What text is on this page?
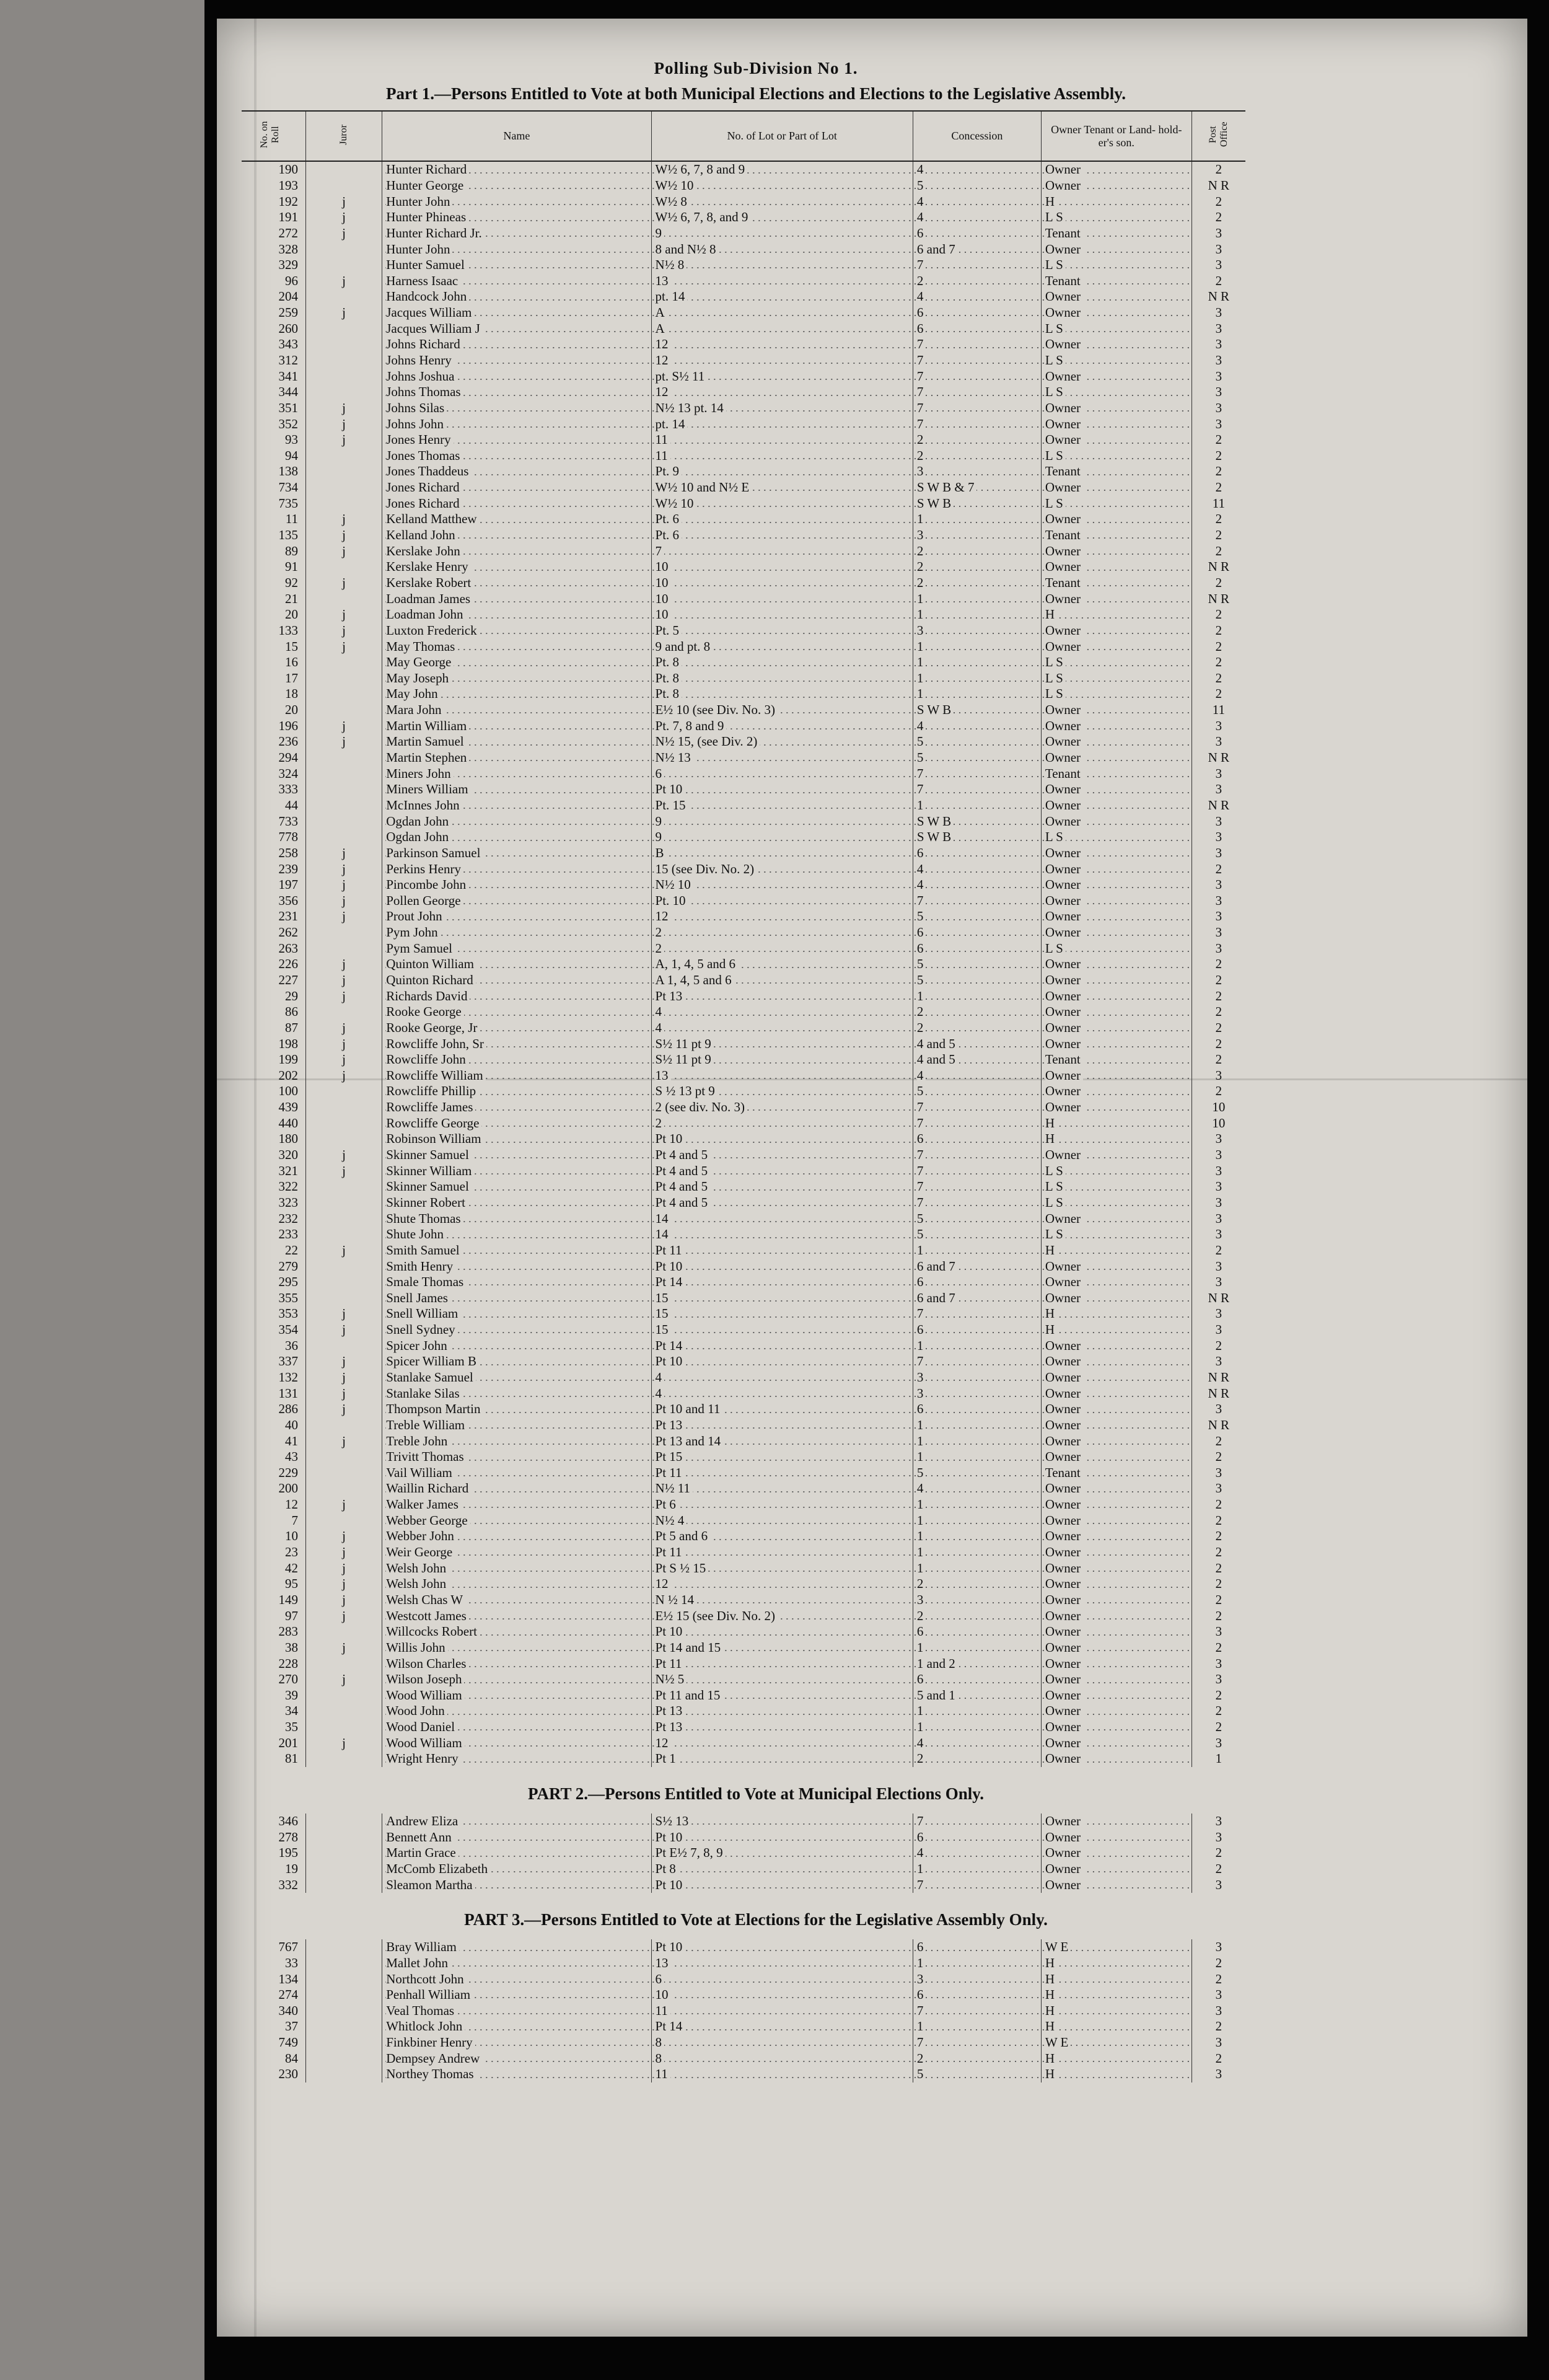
Polling Sub-Division No 1.
Part 1.—Persons Entitled to Vote at both Municipal Elections and Elections to the Legislative Assembly.
No. on Roll	Juror	Name	No. of Lot or Part of Lot	Concession	Owner Tenant or Land- hold- er's son.	Post Office
190		Hunter Richard	W½ 6, 7, 8 and 9	4	Owner	2
193		Hunter George	W½ 10	5	Owner	N R
192	j	Hunter John	W½ 8	4	H	2
191	j	Hunter Phineas	W½ 6, 7, 8, and 9	4	L S	2
272	j	Hunter Richard Jr.	9	6	Tenant	3
328		Hunter John	8 and N½ 8	6 and 7	Owner	3
329		Hunter Samuel	N½ 8	7	L S	3
96	j	Harness Isaac	13	2	Tenant	2
204		Handcock John	pt. 14	4	Owner	N R
259	j	Jacques William	A	6	Owner	3
260		Jacques William J	A	6	L S	3
343		Johns Richard	12	7	Owner	3
312		Johns Henry	12	7	L S	3
341		Johns Joshua	pt. S½ 11	7	Owner	3
344		Johns Thomas	12	7	L S	3
351	j	Johns Silas	N½ 13 pt. 14	7	Owner	3
352	j	Johns John	pt. 14	7	Owner	3
93	j	Jones Henry	11	2	Owner	2
94		Jones Thomas	11	2	L S	2
138		Jones Thaddeus	Pt. 9	3	Tenant	2
734		Jones Richard	W½ 10 and N½ E	S W B & 7	Owner	2
735		Jones Richard	W½ 10	S W B	L S	11
11	j	Kelland Matthew	Pt. 6	1	Owner	2
135	j	Kelland John	Pt. 6	3	Tenant	2
89	j	Kerslake John	7	2	Owner	2
91		Kerslake Henry	10	2	Owner	N R
92	j	Kerslake Robert	10	2	Tenant	2
21		Loadman James	10	1	Owner	N R
20	j	Loadman John	10	1	H	2
133	j	Luxton Frederick	Pt. 5	3	Owner	2
15	j	May Thomas	9 and pt. 8	1	Owner	2
16		May George	Pt. 8	1	L S	2
17		May Joseph	Pt. 8	1	L S	2
18		May John	Pt. 8	1	L S	2
20		Mara John	E½ 10 (see Div. No. 3)	S W B	Owner	11
196	j	Martin William	Pt. 7, 8 and 9	4	Owner	3
236	j	Martin Samuel	N½ 15, (see Div. 2)	5	Owner	3
294		Martin Stephen	N½ 13	5	Owner	N R
324		Miners John	6	7	Tenant	3
333		Miners William	Pt 10	7	Owner	3
44		McInnes John	Pt. 15	1	Owner	N R
733		Ogdan John	9	S W B	Owner	3
778		Ogdan John	9	S W B	L S	3
258	j	Parkinson Samuel	B	6	Owner	3
239	j	Perkins Henry	15 (see Div. No. 2)	4	Owner	2
197	j	Pincombe John	N½ 10	4	Owner	3
356	j	Pollen George	Pt. 10	7	Owner	3
231	j	Prout John	12	5	Owner	3
262		Pym John	2	6	Owner	3
263		Pym Samuel	2	6	L S	3
226	j	Quinton William	A, 1, 4, 5 and 6	5	Owner	2
227	j	Quinton Richard	A 1, 4, 5 and 6	5	Owner	2
29	j	Richards David	Pt 13	1	Owner	2
86		Rooke George	4	2	Owner	2
87	j	Rooke George, Jr	4	2	Owner	2
198	j	Rowcliffe John, Sr	S½ 11 pt 9	4 and 5	Owner	2
199	j	Rowcliffe John	S½ 11 pt 9	4 and 5	Tenant	2
202	j	Rowcliffe William	13	4	Owner	3
100		Rowcliffe Phillip	S ½ 13 pt 9	5	Owner	2
439		Rowcliffe James	2 (see div. No. 3)	7	Owner	10
440		Rowcliffe George	2	7	H	10
180		Robinson William	Pt 10	6	H	3
320	j	Skinner Samuel	Pt 4 and 5	7	Owner	3
321	j	Skinner William	Pt 4 and 5	7	L S	3
322		Skinner Samuel	Pt 4 and 5	7	L S	3
323		Skinner Robert	Pt 4 and 5	7	L S	3
232		Shute Thomas	14	5	Owner	3
233		Shute John	14	5	L S	3
22	j	Smith Samuel	Pt 11	1	H	2
279		Smith Henry	Pt 10	6 and 7	Owner	3
295		Smale Thomas	Pt 14	6	Owner	3
355		Snell James	15	6 and 7	Owner	N R
353	j	Snell William	15	7	H	3
354	j	Snell Sydney	15	6	H	3
36		Spicer John	Pt 14	1	Owner	2
337	j	Spicer William B	Pt 10	7	Owner	3
132	j	Stanlake Samuel	4	3	Owner	N R
131	j	Stanlake Silas	4	3	Owner	N R
286	j	Thompson Martin	Pt 10 and 11	6	Owner	3
40		Treble William	Pt 13	1	Owner	N R
41	j	Treble John	Pt 13 and 14	1	Owner	2
43		Trivitt Thomas	Pt 15	1	Owner	2
229		Vail William	Pt 11	5	Tenant	3
200		Waillin Richard	N½ 11	4	Owner	3
12	j	Walker James	Pt 6	1	Owner	2
7		Webber George	N½ 4	1	Owner	2
10	j	Webber John	Pt 5 and 6	1	Owner	2
23	j	Weir George	Pt 11	1	Owner	2
42	j	Welsh John	Pt S ½ 15	1	Owner	2
95	j	Welsh John	12	2	Owner	2
149	j	Welsh Chas W	N ½ 14	3	Owner	2
97	j	Westcott James	E½ 15 (see Div. No. 2)	2	Owner	2
283		Willcocks Robert	Pt 10	6	Owner	3
38	j	Willis John	Pt 14 and 15	1	Owner	2
228		Wilson Charles	Pt 11	1 and 2	Owner	3
270	j	Wilson Joseph	N½ 5	6	Owner	3
39		Wood William	Pt 11 and 15	5 and 1	Owner	2
34		Wood John	Pt 13	1	Owner	2
35		Wood Daniel	Pt 13	1	Owner	2
201	j	Wood William	12	4	Owner	3
81		Wright Henry	Pt 1	2	Owner	1
PART 2.—Persons Entitled to Vote at Municipal Elections Only.
346		Andrew Eliza	S½ 13	7	Owner	3
278		Bennett Ann	Pt 10	6	Owner	3
195		Martin Grace	Pt E½ 7, 8, 9	4	Owner	2
19		McComb Elizabeth	Pt 8	1	Owner	2
332		Sleamon Martha	Pt 10	7	Owner	3
PART 3.—Persons Entitled to Vote at Elections for the Legislative Assembly Only.
767		Bray William	Pt 10	6	W E	3
33		Mallet John	13	1	H	2
134		Northcott John	6	3	H	2
274		Penhall William	10	6	H	3
340		Veal Thomas	11	7	H	3
37		Whitlock John	Pt 14	1	H	2
749		Finkbiner Henry	8	7	W E	3
84		Dempsey Andrew	8	2	H	2
230		Northey Thomas	11	5	H	3
